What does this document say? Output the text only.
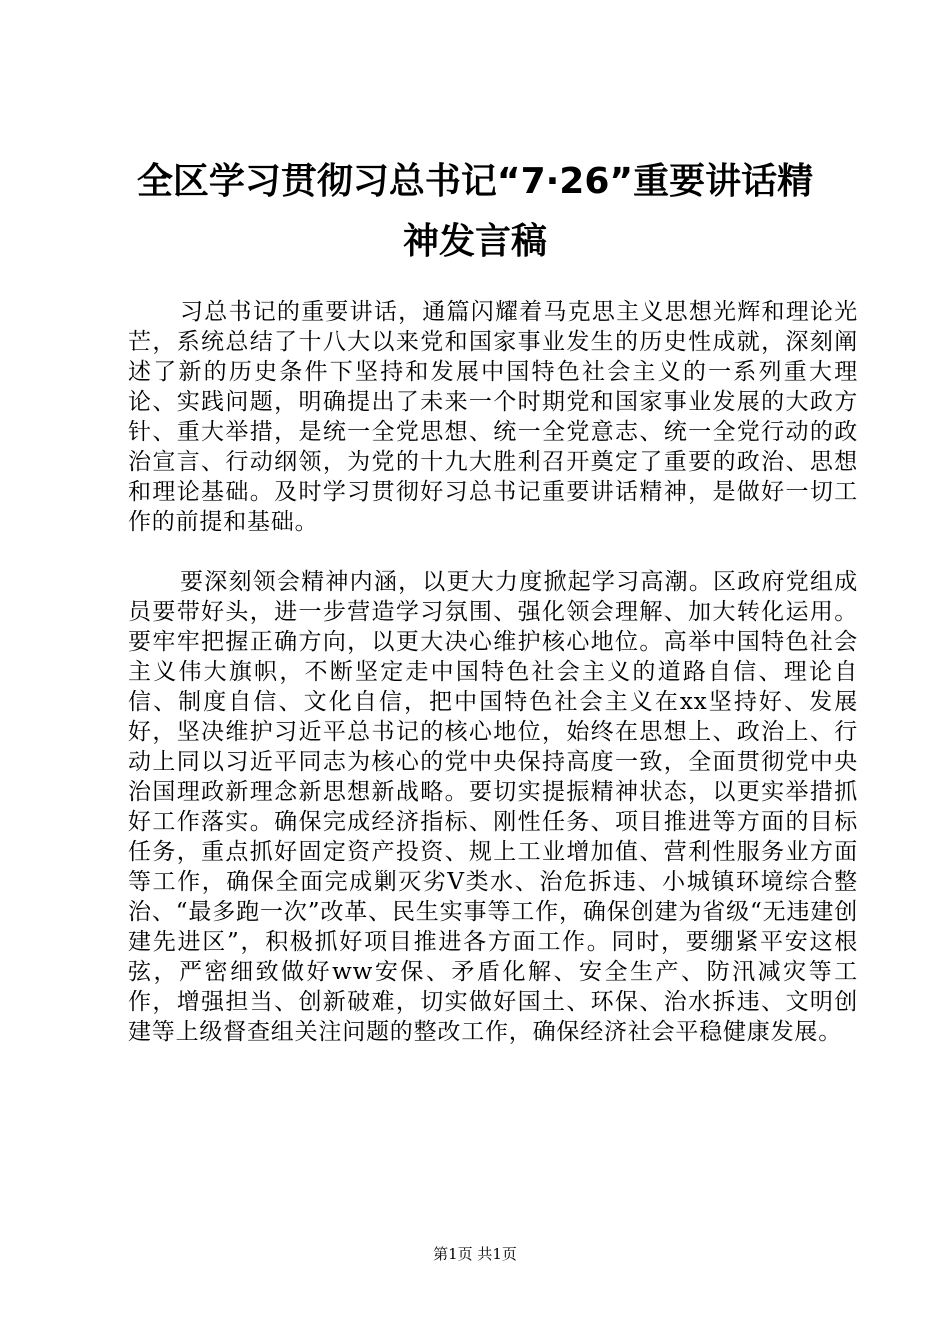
全区学习贯彻习总书记“7·26”重要讲话精
神发言稿

习总书记的重要讲话，通篇闪耀着马克思主义思想光辉和理论光芒，系统总结了十八大以来党和国家事业发生的历史性成就，深刻阐述了新的历史条件下坚持和发展中国特色社会主义的一系列重大理论、实践问题，明确提出了未来一个时期党和国家事业发展的大政方针、重大举措，是统一全党思想、统一全党意志、统一全党行动的政治宣言、行动纲领，为党的十九大胜利召开奠定了重要的政治、思想和理论基础。及时学习贯彻好习总书记重要讲话精神，是做好一切工作的前提和基础。

要深刻领会精神内涵，以更大力度掀起学习高潮。区政府党组成员要带好头，进一步营造学习氛围、强化领会理解、加大转化运用。要牢牢把握正确方向，以更大决心维护核心地位。高举中国特色社会主义伟大旗帜，不断坚定走中国特色社会主义的道路自信、理论自信、制度自信、文化自信，把中国特色社会主义在xx坚持好、发展好，坚决维护习近平总书记的核心地位，始终在思想上、政治上、行动上同以习近平同志为核心的党中央保持高度一致，全面贯彻党中央治国理政新理念新思想新战略。要切实提振精神状态，以更实举措抓好工作落实。确保完成经济指标、刚性任务、项目推进等方面的目标任务，重点抓好固定资产投资、规上工业增加值、营利性服务业方面等工作，确保全面完成剿灭劣Ⅴ类水、治危拆违、小城镇环境综合整治、“最多跑一次”改革、民生实事等工作，确保创建为省级“无违建创建先进区”，积极抓好项目推进各方面工作。同时，要绷紧平安这根弦，严密细致做好ww安保、矛盾化解、安全生产、防汛减灾等工作，增强担当、创新破难，切实做好国土、环保、治水拆违、文明创建等上级督查组关注问题的整改工作，确保经济社会平稳健康发展。

第1页 共1页
